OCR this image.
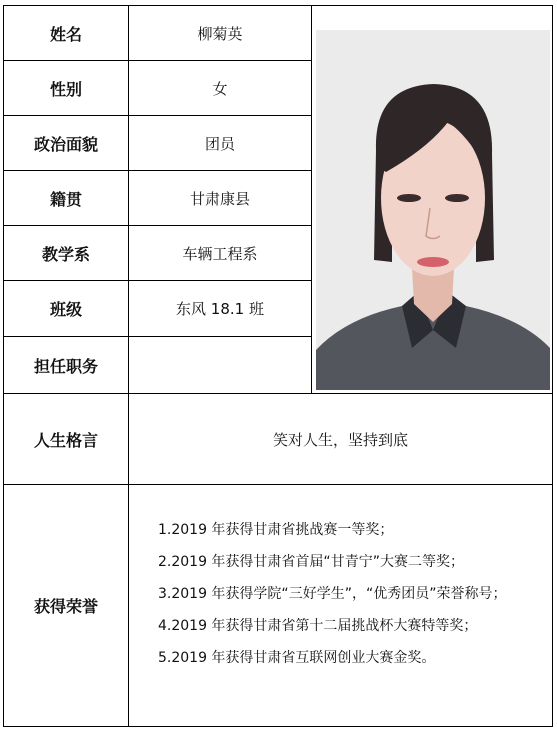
姓名
性别
政治面貌
籍贯
教学系
班级
担任职务
人生格言
获得荣誉
柳菊英
女
团员
甘肃康县
车辆工程系
东风 18.1 班
笑对人生，坚持到底
1.2019 年获得甘肃省挑战赛一等奖；
2.2019 年获得甘肃省首届“甘青宁”大赛二等奖；
3.2019 年获得学院“三好学生”，“优秀团员”荣誉称号；
4.2019 年获得甘肃省第十二届挑战杯大赛特等奖；
5.2019 年获得甘肃省互联网创业大赛金奖。
